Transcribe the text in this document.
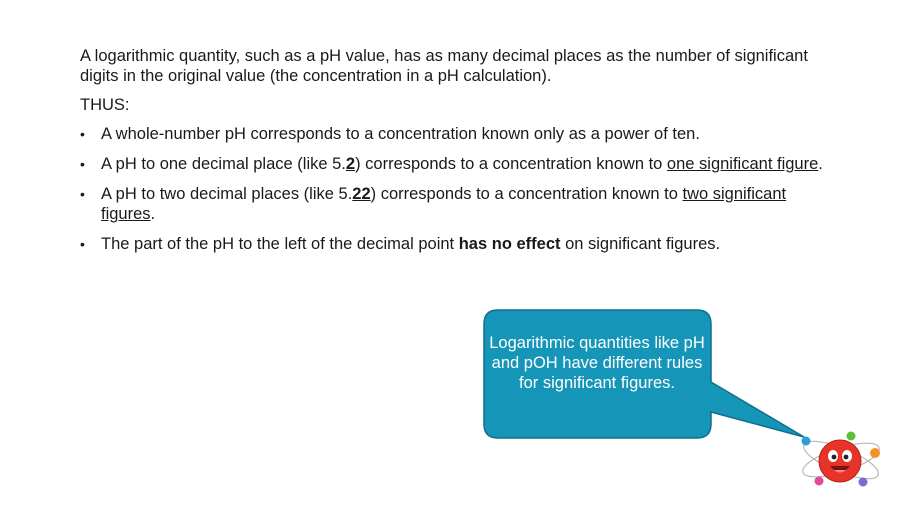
A logarithmic quantity, such as a pH value, has as many decimal places as the number of significant digits in the original value (the concentration in a pH calculation).

THUS:

• A whole-number pH corresponds to a concentration known only as a power of ten.
• A pH to one decimal place (like 5.2) corresponds to a concentration known to one significant figure.
• A pH to two decimal places (like 5.22) corresponds to a concentration known to two significant figures.
• The part of the pH to the left of the decimal point has no effect on significant figures.
Logarithmic quantities like pH and pOH have different rules for significant figures.
